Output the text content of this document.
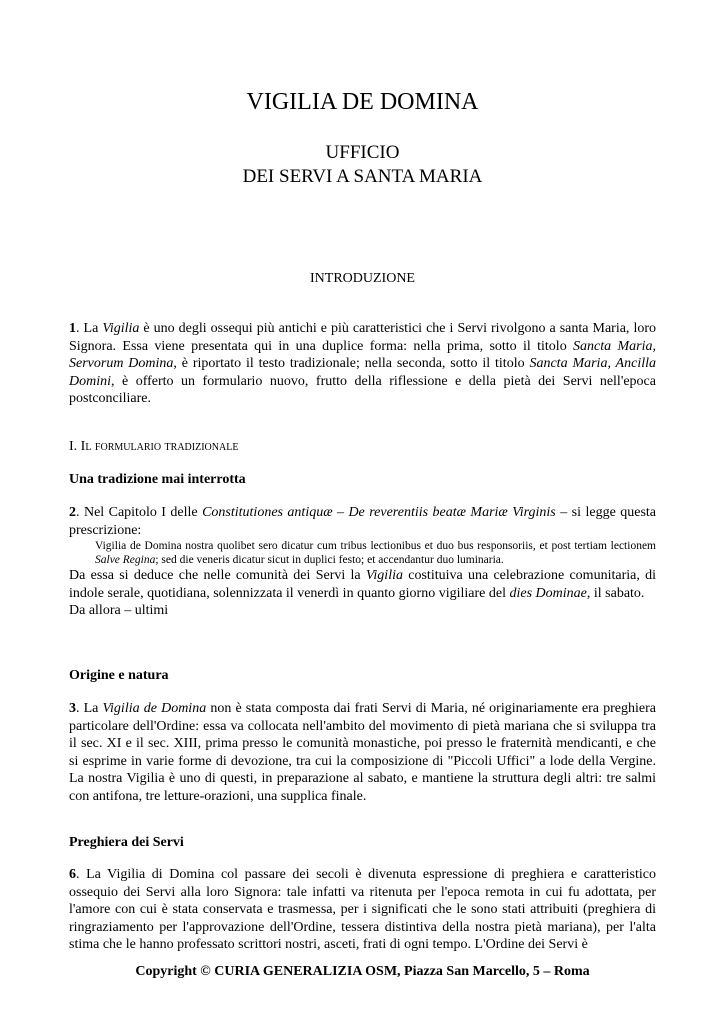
VIGILIA DE DOMINA
UFFICIO
DEI SERVI A SANTA MARIA
INTRODUZIONE

1. La Vigilia è uno degli ossequi più antichi e più caratteristici che i Servi rivolgono a santa Maria, loro Signora. Essa viene presentata qui in una duplice forma: nella prima, sotto il titolo Sancta Maria, Servorum Domina, è riportato il testo tradizionale; nella seconda, sotto il titolo Sancta Maria, Ancilla Domini, è offerto un formulario nuovo, frutto della riflessione e della pietà dei Servi nell'epoca postconciliare.

I. Il formulario tradizionale

Una tradizione mai interrotta

2. Nel Capitolo I delle Constitutiones antiquæ – De reverentiis beatæ Mariæ Virginis – si legge questa prescrizione:

Vigilia de Domina nostra quolibet sero dicatur cum tribus lectionibus et duo bus responsoriis, et post tertiam lectionem Salve Regina; sed die veneris dicatur sicut in duplici festo; et accendantur duo luminaria.

Da essa si deduce che nelle comunità dei Servi la Vigilia costituiva una celebrazione comunitaria, di indole serale, quotidiana, solennizzata il venerdì in quanto giorno vigiliare del dies Dominae, il sabato.

Da allora – ultimi

Origine e natura

3. La Vigilia de Domina non è stata composta dai frati Servi di Maria, né originariamente era preghiera particolare dell'Ordine: essa va collocata nell'ambito del movimento di pietà mariana che si sviluppa tra il sec. XI e il sec. XIII, prima presso le comunità monastiche, poi presso le fraternità mendicanti, e che si esprime in varie forme di devozione, tra cui la composizione di "Piccoli Uffici" a lode della Vergine. La nostra Vigilia è uno di questi, in preparazione al sabato, e mantiene la struttura degli altri: tre salmi con antifona, tre letture-orazioni, una supplica finale.

Preghiera dei Servi

6. La Vigilia di Domina col passare dei secoli è divenuta espressione di preghiera e caratteristico ossequio dei Servi alla loro Signora: tale infatti va ritenuta per l'epoca remota in cui fu adottata, per l'amore con cui è stata conservata e trasmessa, per i significati che le sono stati attribuiti (preghiera di ringraziamento per l'approvazione dell'Ordine, tessera distintiva della nostra pietà mariana), per l'alta stima che le hanno professato scrittori nostri, asceti, frati di ogni tempo. L'Ordine dei Servi è

Copyright © CURIA GENERALIZIA OSM, Piazza San Marcello, 5 – Roma
